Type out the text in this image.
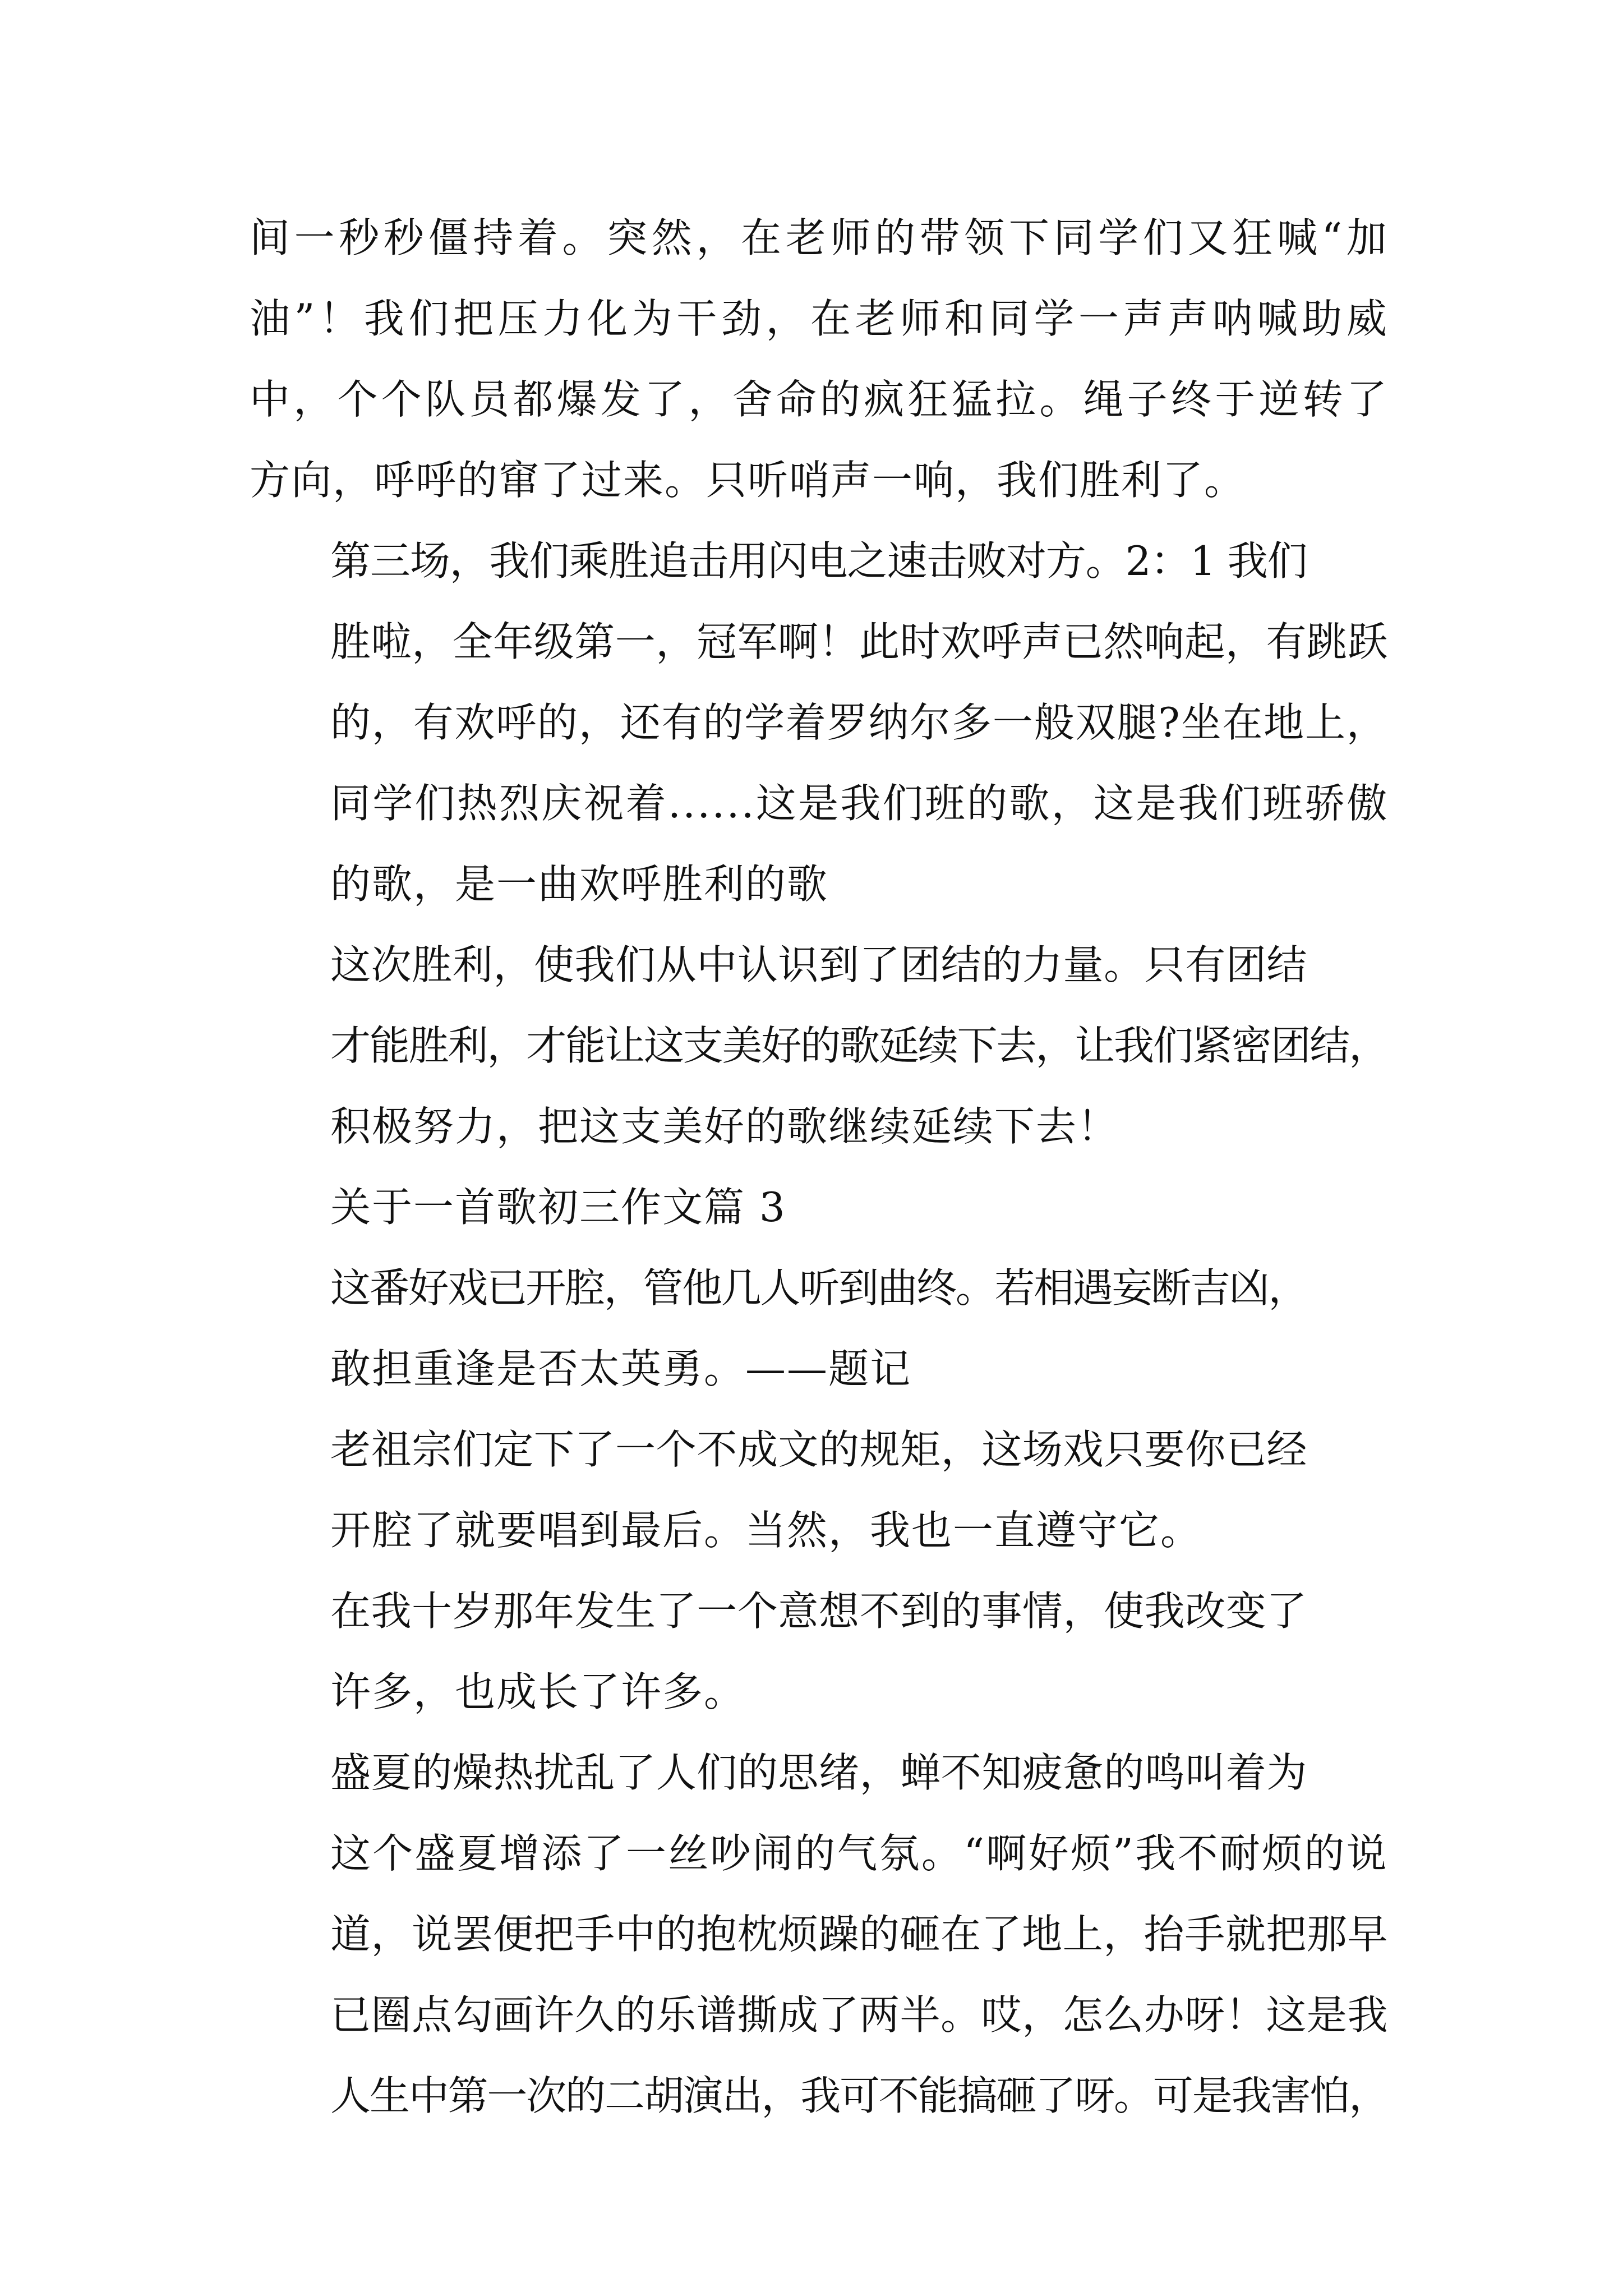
间一秒秒僵持着。突然，在老师的带领下同学们又狂喊“加
油”！我们把压力化为干劲，在老师和同学一声声呐喊助威
中，个个队员都爆发了，舍命的疯狂猛拉。绳子终于逆转了
方向，呼呼的窜了过来。只听哨声一响，我们胜利了。

第三场，我们乘胜追击用闪电之速击败对方。2：1 我们
胜啦，全年级第一，冠军啊！此时欢呼声已然响起，有跳跃
的，有欢呼的，还有的学着罗纳尔多一般双腿?坐在地上，
同学们热烈庆祝着......这是我们班的歌，这是我们班骄傲
的歌，是一曲欢呼胜利的歌

这次胜利，使我们从中认识到了团结的力量。只有团结
才能胜利，才能让这支美好的歌延续下去，让我们紧密团结，
积极努力，把这支美好的歌继续延续下去！

关于一首歌初三作文篇 3

这番好戏已开腔，管他几人听到曲终。若相遇妄断吉凶，
敢担重逢是否太英勇。——题记

老祖宗们定下了一个不成文的规矩，这场戏只要你已经
开腔了就要唱到最后。当然，我也一直遵守它。

在我十岁那年发生了一个意想不到的事情，使我改变了
许多，也成长了许多。

盛夏的燥热扰乱了人们的思绪，蝉不知疲惫的鸣叫着为
这个盛夏增添了一丝吵闹的气氛。“啊好烦”我不耐烦的说
道，说罢便把手中的抱枕烦躁的砸在了地上，抬手就把那早
已圈点勾画许久的乐谱撕成了两半。哎，怎么办呀！这是我
人生中第一次的二胡演出，我可不能搞砸了呀。可是我害怕，
